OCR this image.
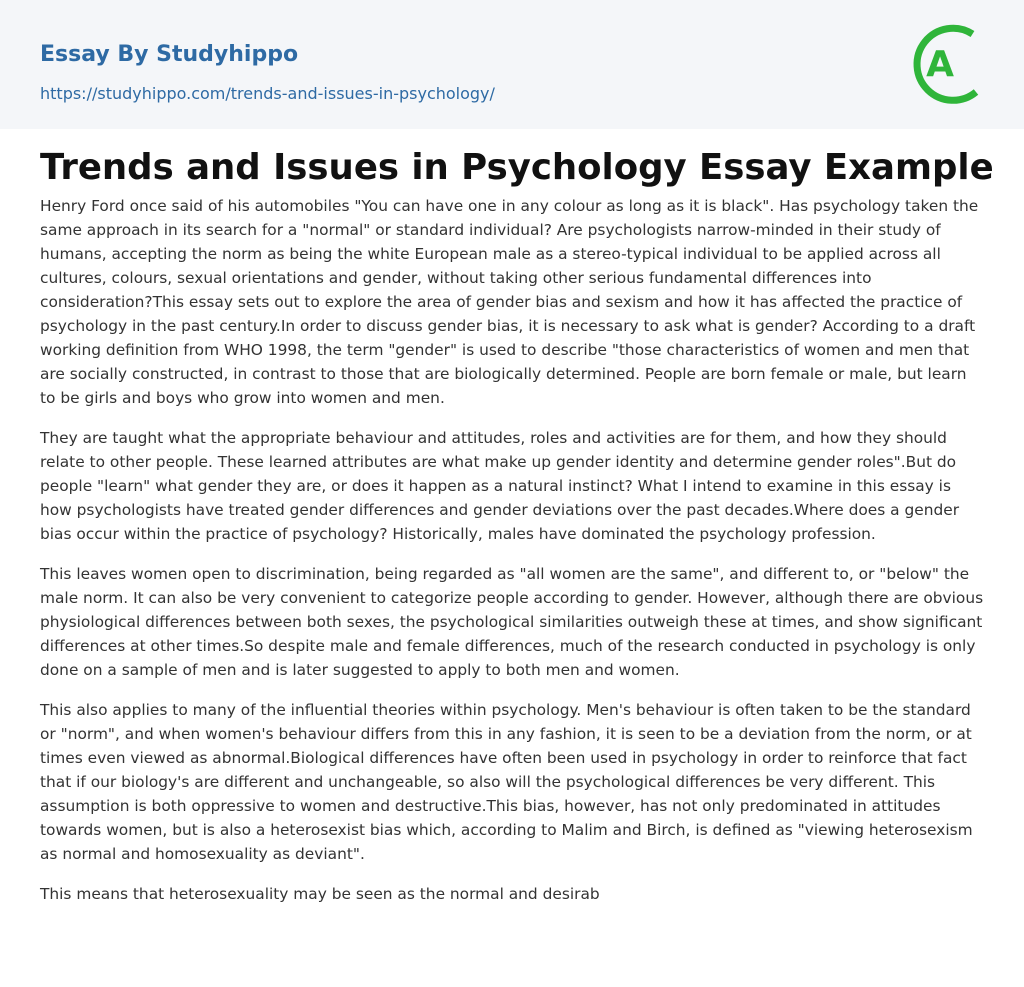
Essay By Studyhippo
https://studyhippo.com/trends-and-issues-in-psychology/
A
Trends and Issues in Psychology Essay Example

Henry Ford once said of his automobiles "You can have one in any colour as long as it is black". Has psychology taken the same approach in its search for a "normal" or standard individual? Are psychologists narrow-minded in their study of humans, accepting the norm as being the white European male as a stereo-typical individual to be applied across all cultures, colours, sexual orientations and gender, without taking other serious fundamental differences into consideration?This essay sets out to explore the area of gender bias and sexism and how it has affected the practice of psychology in the past century.In order to discuss gender bias, it is necessary to ask what is gender? According to a draft working definition from WHO 1998, the term "gender" is used to describe "those characteristics of women and men that are socially constructed, in contrast to those that are biologically determined. People are born female or male, but learn to be girls and boys who grow into women and men.

They are taught what the appropriate behaviour and attitudes, roles and activities are for them, and how they should relate to other people. These learned attributes are what make up gender identity and determine gender roles".But do people "learn" what gender they are, or does it happen as a natural instinct? What I intend to examine in this essay is how psychologists have treated gender differences and gender deviations over the past decades.Where does a gender bias occur within the practice of psychology? Historically, males have dominated the psychology profession.

This leaves women open to discrimination, being regarded as "all women are the same", and different to, or "below" the male norm. It can also be very convenient to categorize people according to gender. However, although there are obvious physiological differences between both sexes, the psychological similarities outweigh these at times, and show significant differences at other times.So despite male and female differences, much of the research conducted in psychology is only done on a sample of men and is later suggested to apply to both men and women.

This also applies to many of the influential theories within psychology. Men's behaviour is often taken to be the standard or "norm", and when women's behaviour differs from this in any fashion, it is seen to be a deviation from the norm, or at times even viewed as abnormal.Biological differences have often been used in psychology in order to reinforce that fact that if our biology's are different and unchangeable, so also will the psychological differences be very different. This assumption is both oppressive to women and destructive.This bias, however, has not only predominated in attitudes towards women, but is also a heterosexist bias which, according to Malim and Birch, is defined as "viewing heterosexism as normal and homosexuality as deviant".

This means that heterosexuality may be seen as the normal and desirab
